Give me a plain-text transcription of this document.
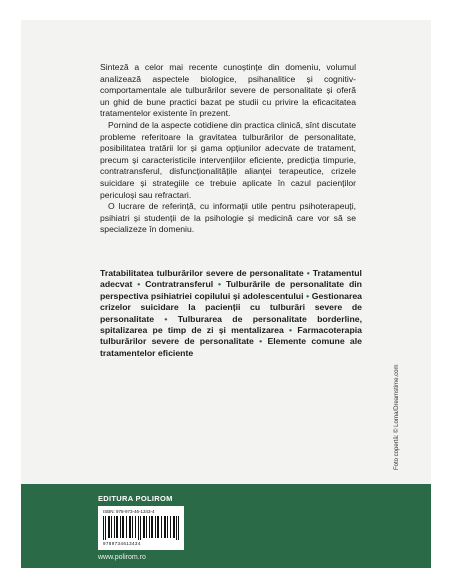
Sinteză a celor mai recente cunoștințe din domeniu, volumul analizează aspectele biologice, psihanalitice și cognitiv-comportamentale ale tulburărilor severe de personalitate și oferă un ghid de bune practici bazat pe studii cu privire la eficacitatea tratamentelor existente în prezent.

Pornind de la aspecte cotidiene din practica clinică, sînt discutate probleme referitoare la gravitatea tulburărilor de personalitate, posibilitatea tratării lor și gama opțiunilor adecvate de tratament, precum și caracteristicile intervențiilor eficiente, predicția timpurie, contratransferul, disfuncționalitățile alianței terapeutice, crizele suicidare și strategiile ce trebuie aplicate în cazul pacienților periculoși sau refractari.

O lucrare de referință, cu informații utile pentru psihoterapeuți, psihiatri și studenții de la psihologie și medicină care vor să se specializeze în domeniu.

Tratabilitatea tulburărilor severe de personalitate • Tratamentul adecvat • Contratransferul • Tulburările de personalitate din perspectiva psihiatriei copilului și adolescentului • Gestionarea crizelor suicidare la pacienții cu tulburări severe de personalitate • Tulburarea de personalitate borderline, spitalizarea pe timp de zi și mentalizarea • Farmacoterapia tulburărilor severe de personalitate • Elemente comune ale tratamentelor eficiente

Foto copertă: © Lorna/Dreamstime.com
EDITURA POLIROM
ISBN: 978-973-46-1343-4
9789734613434
www.polirom.ro
